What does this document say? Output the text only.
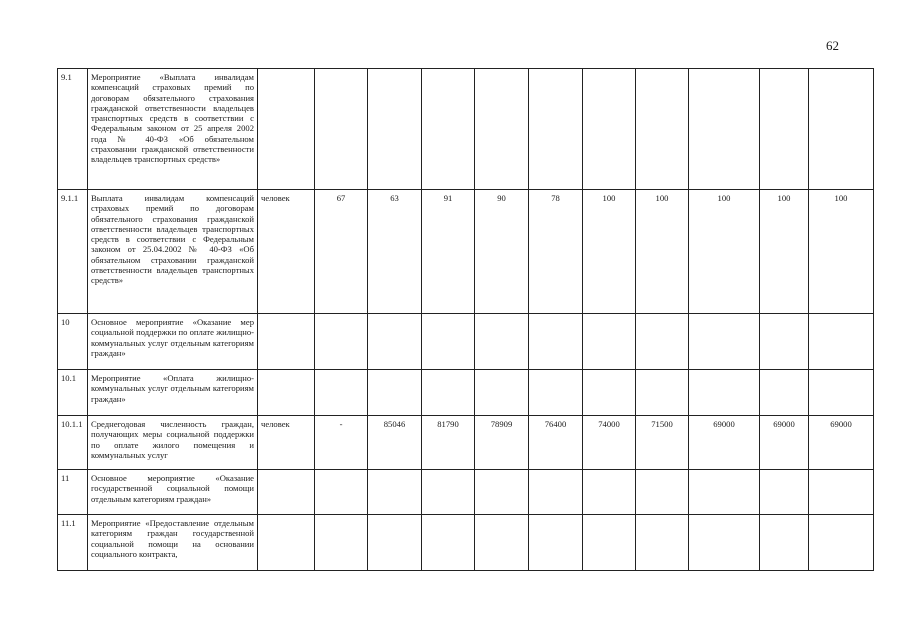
62
9.1	Мероприятие «Выплата инвалидам компенсаций страховых премий по договорам обязательного страхования гражданской ответственности владельцев транспортных средств в соответствии с Федеральным законом от 25 апреля 2002 года № 40-ФЗ «Об обязательном страховании гражданской ответственности владельцев транспортных средств»											
9.1.1	Выплата инвалидам компенсаций страховых премий по договорам обязательного страхования гражданской ответственности владельцев транспортных средств в соответствии с Федеральным законом от 25.04.2002 № 40-ФЗ «Об обязательном страховании гражданской ответственности владельцев транспортных средств»	человек	67	63	91	90	78	100	100	100	100	100
10	Основное мероприятие «Оказание мер социальной поддержки по оплате жилищно-коммунальных услуг отдельным категориям граждан»											
10.1	Мероприятие «Оплата жилищно-коммунальных услуг отдельным категориям граждан»											
10.1.1	Среднегодовая численность граждан, получающих меры социальной поддержки по оплате жилого помещения и коммунальных услуг	человек	-	85046	81790	78909	76400	74000	71500	69000	69000	69000
11	Основное мероприятие «Оказание государственной социальной помощи отдельным категориям граждан»											
11.1	Мероприятие «Предоставление отдельным категориям граждан государственной социальной помощи на основании социального контракта,											
